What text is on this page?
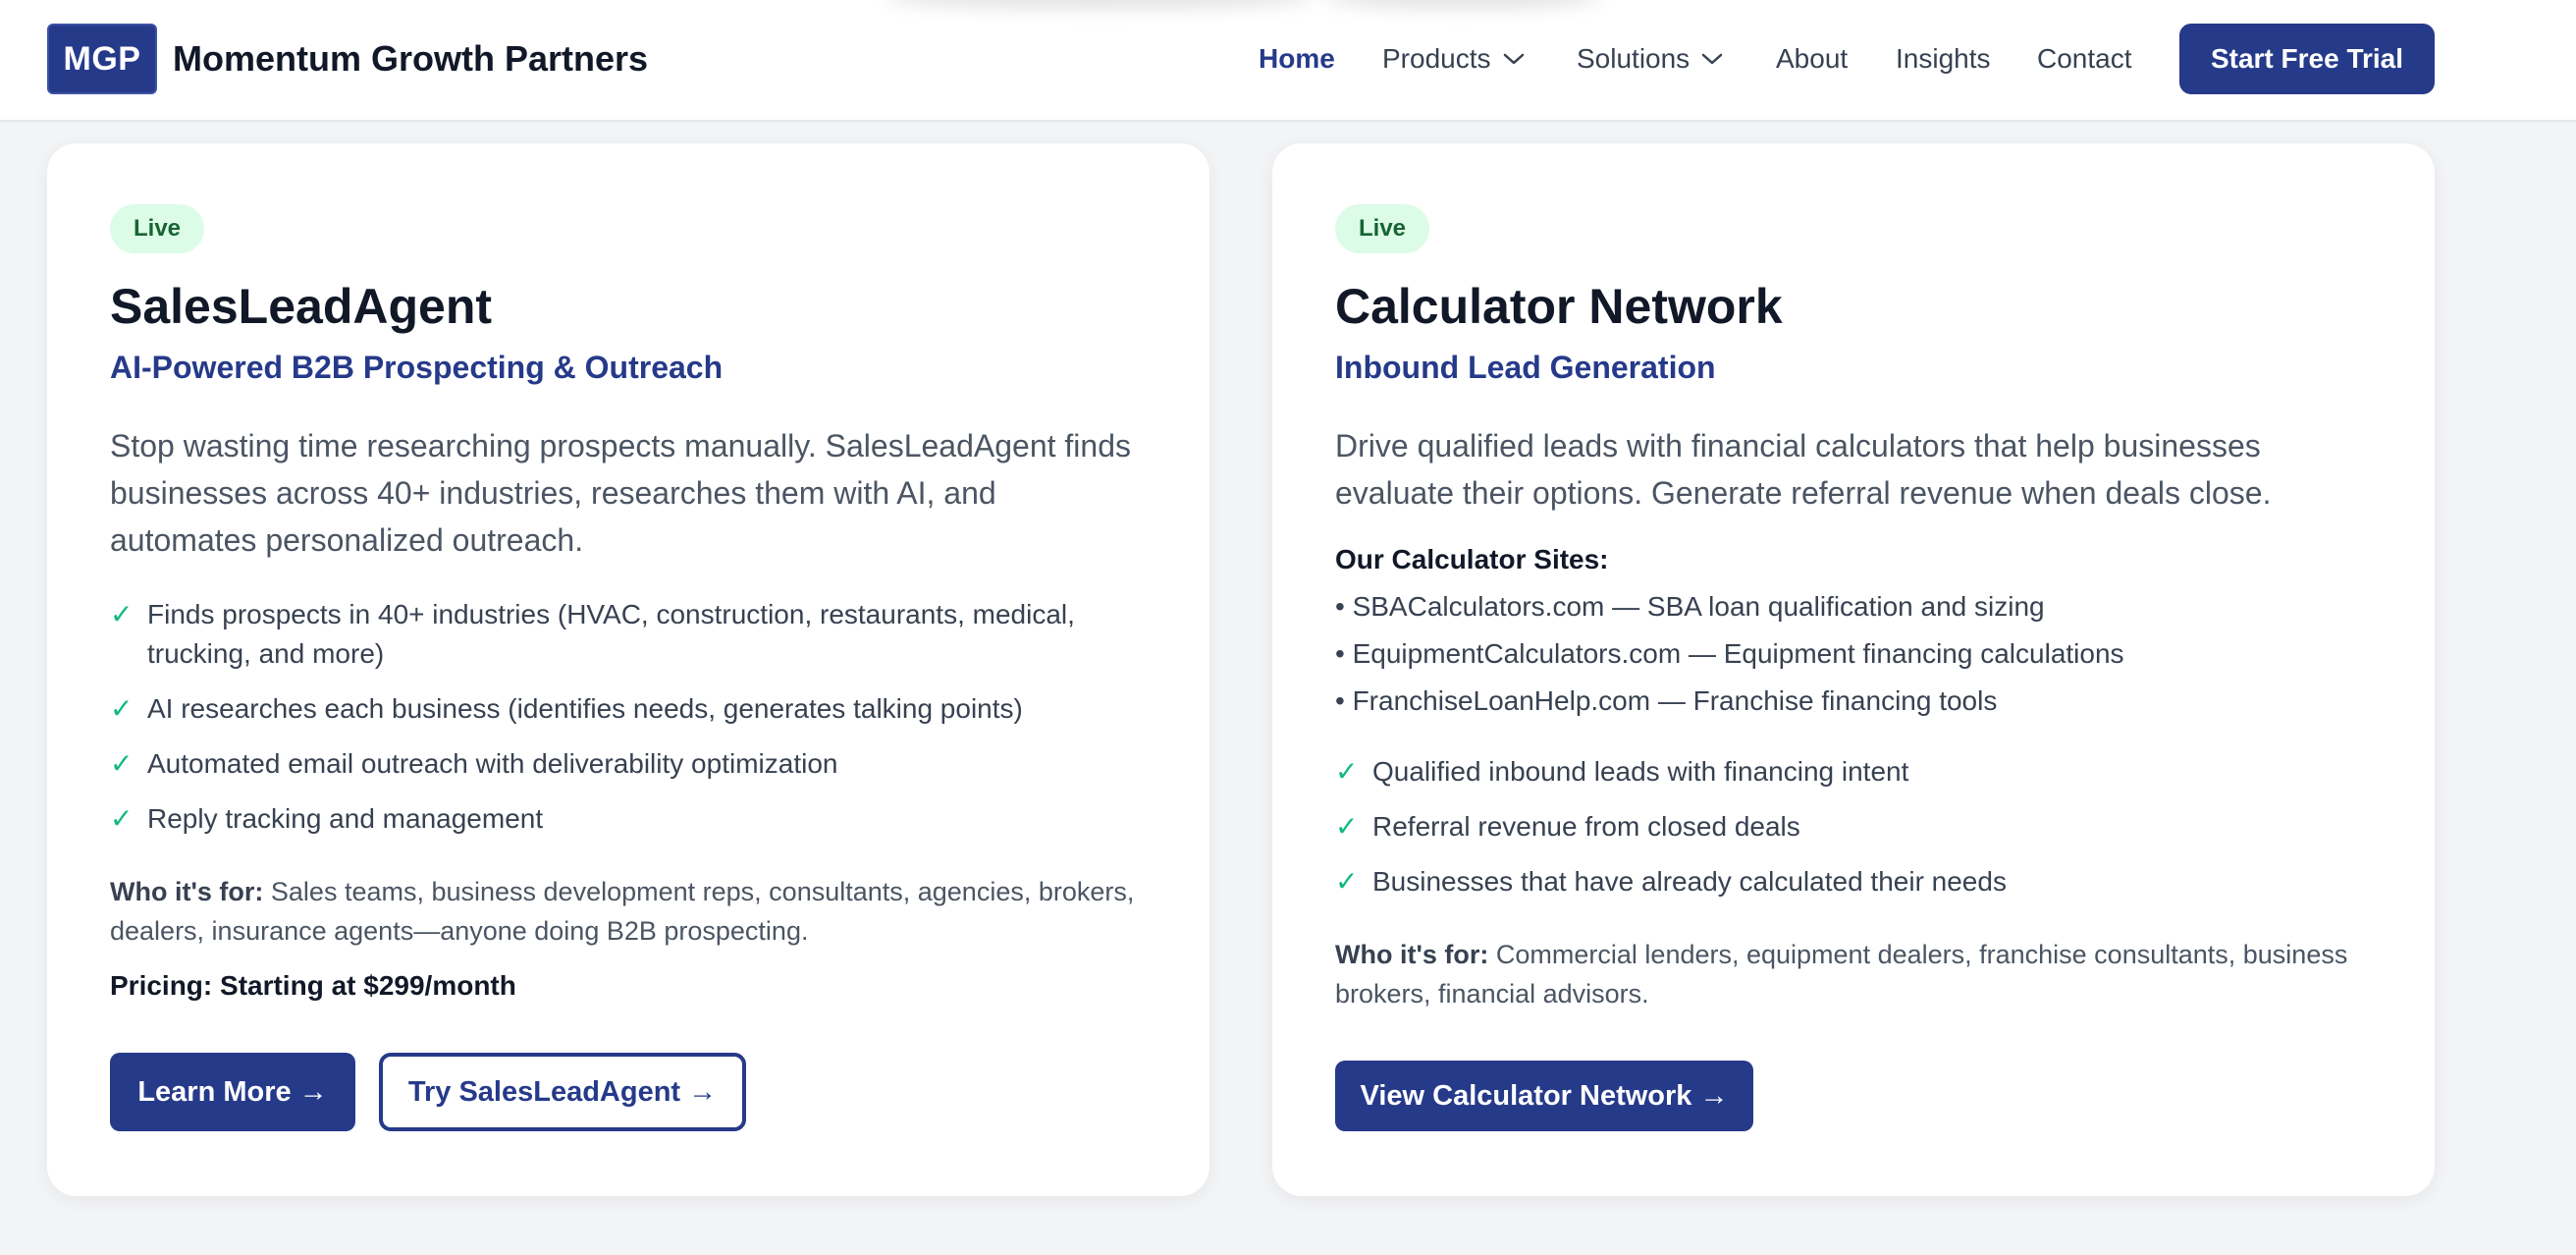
MGP Momentum Growth Partners	Home Products	Solutions	About Insights Contact	Start Free Trial
Live
SalesLeadAgent
AI-Powered B2B Prospecting & Outreach
Stop wasting time researching prospects manually. SalesLeadAgent finds businesses across 40+ industries, researches them with AI, and automates personalized outreach.
✓ Finds prospects in 40+ industries (HVAC, construction, restaurants, medical, trucking, and more)
✓ AI researches each business (identifies needs, generates talking points)
✓ Automated email outreach with deliverability optimization
✓ Reply tracking and management
Who it's for: Sales teams, business development reps, consultants, agencies, brokers, dealers, insurance agents—anyone doing B2B prospecting.
Pricing: Starting at $299/month
Learn More →	Try SalesLeadAgent →
Live
Calculator Network
Inbound Lead Generation
Drive qualified leads with financial calculators that help businesses evaluate their options. Generate referral revenue when deals close.
Our Calculator Sites:
• SBACalculators.com — SBA loan qualification and sizing
• EquipmentCalculators.com — Equipment financing calculations
• FranchiseLoanHelp.com — Franchise financing tools
✓ Qualified inbound leads with financing intent
✓ Referral revenue from closed deals
✓ Businesses that have already calculated their needs
Who it's for: Commercial lenders, equipment dealers, franchise consultants, business brokers, financial advisors.
View Calculator Network →
